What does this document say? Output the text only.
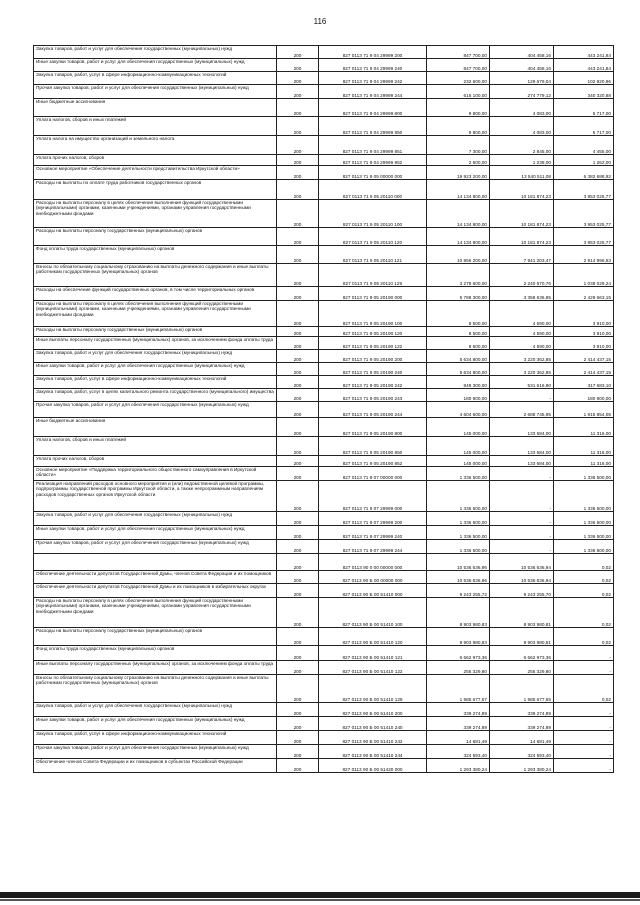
116
Закупка товаров, работ и услуг для обеспечения государственных (муниципальных) нужд	200	827 0113 71 9 04 29999 200	847 700,00	404 458,16	443 241,84
Иные закупки товаров, работ и услуг для обеспечения государственных (муниципальных) нужд	200	827 0113 71 9 04 29999 240	847 700,00	404 458,16	443 241,84
Закупка товаров, работ, услуг в сфере информационно-коммуникационных технологий	200	827 0113 71 9 04 29999 242	232 600,00	129 679,04	102 920,96
Прочая закупка товаров, работ и услуг для обеспечения государственных (муниципальных) нужд	200	827 0113 71 9 04 29999 244	615 100,00	274 779,12	340 320,88
Иные бюджетные ассигнования	200	827 0113 71 9 04 29999 800	9 800,00	4 083,00	5 717,00
Уплата налогов, сборов и иных платежей	200	827 0113 71 9 04 29999 850	9 800,00	4 083,00	5 717,00
Уплата налога на имущество организаций и земельного налога	200	827 0113 71 9 04 29999 851	7 300,00	2 845,00	4 455,00
Уплата прочих налогов, сборов	200	827 0113 71 9 04 29999 852	2 500,00	1 238,00	1 262,00
Основное мероприятие «Обеспечение деятельности представительства Иркутской области»	200	827 0113 71 9 05 00000 000	19 923 200,00	13 540 511,08	6 382 688,92
Расходы на выплаты по оплате труда работников государственных органов	200	827 0113 71 9 05 20110 000	14 134 800,00	10 181 874,23	3 953 025,77
Расходы на выплаты персоналу в целях обеспечения выполнения функций государственными (муниципальными) органами, казенными учреждениями, органами управления государственными внебюджетными фондами	200	827 0113 71 9 05 20110 100	14 134 800,00	10 181 874,23	3 953 025,77
Расходы на выплаты персоналу государственных (муниципальных) органов	200	827 0113 71 9 05 20110 120	14 134 800,00	10 181 874,23	3 953 025,77
Фонд оплаты труда государственных (муниципальных) органов	200	827 0113 71 9 05 20110 121	10 856 200,00	7 941 203,47	2 914 996,53
Взносы по обязательному социальному страхованию на выплаты денежного содержания и иные выплаты работникам государственных (муниципальных) органов	200	827 0113 71 9 05 20110 129	3 278 600,00	2 240 570,76	1 038 029,24
Расходы на обеспечение функций государственных органов, в том числе территориальных органов	200	827 0113 71 9 05 20190 000	5 788 300,00	3 358 636,85	2 429 663,15
Расходы на выплаты персоналу в целях обеспечения выполнения функций государственными (муниципальными) органами, казенными учреждениями, органами управления государственными внебюджетными фондами	200	827 0113 71 9 05 20190 100	8 500,00	4 590,00	3 910,00
Расходы на выплаты персоналу государственных (муниципальных) органов	200	827 0113 71 9 05 20190 120	8 500,00	4 590,00	3 910,00
Иные выплаты персоналу государственных (муниципальных) органов, за исключением фонда оплаты труда	200	827 0113 71 9 05 20190 122	8 500,00	4 590,00	3 910,00
Закупка товаров, работ и услуг для обеспечения государственных (муниципальных) нужд	200	827 0113 71 9 05 20190 200	5 634 800,00	3 220 362,85	2 414 437,15
Иные закупки товаров, работ и услуг для обеспечения государственных (муниципальных) нужд	200	827 0113 71 9 05 20190 240	5 634 800,00	3 220 362,85	2 414 437,15
Закупка товаров, работ, услуг в сфере информационно-коммуникационных технологий	200	827 0113 71 9 05 20190 242	849 300,00	531 616,90	317 683,10
Закупка товаров, работ, услуг в целях капитального ремонта государственного (муниципального) имущества	200	827 0113 71 9 05 20190 243	180 900,00	-	180 900,00
Прочая закупка товаров, работ и услуг для обеспечения государственных (муниципальных) нужд	200	827 0113 71 9 05 20190 244	4 604 600,00	2 688 745,95	1 915 854,05
Иные бюджетные ассигнования	200	827 0113 71 9 05 20190 800	145 000,00	133 684,00	11 316,00
Уплата налогов, сборов и иных платежей	200	827 0113 71 9 05 20190 850	145 000,00	133 684,00	11 316,00
Уплата прочих налогов, сборов	200	827 0113 71 9 05 20190 852	145 000,00	133 684,00	11 316,00
Основное мероприятие «Поддержка территориального общественного самоуправления в Иркутской области»	200	827 0113 71 9 07 00000 000	1 336 500,00	-	1 336 500,00
Реализация направлений расходов основного мероприятия и (или) ведомственной целевой программы, подпрограммы государственной программы Иркутской области, а также непрограммным направлениям расходов государственных органов Иркутской области	200	827 0113 71 9 07 29999 000	1 336 500,00	-	1 336 500,00
Закупка товаров, работ и услуг для обеспечения государственных (муниципальных) нужд	200	827 0113 71 9 07 29999 200	1 336 500,00	-	1 336 500,00
Иные закупки товаров, работ и услуг для обеспечения государственных (муниципальных) нужд	200	827 0113 71 9 07 29999 240	1 336 500,00	-	1 336 500,00
Прочая закупка товаров, работ и услуг для обеспечения государственных (муниципальных) нужд	200	827 0113 71 9 07 29999 244	1 336 500,00	-	1 336 500,00
	200	827 0113 90 0 00 00000 000	10 536 636,96	10 536 636,94	0,02
Обеспечение деятельности депутатов Государственной Думы, членов Совета Федерации и их помощников	200	827 0113 90 Б 00 00000 000	10 536 636,96	10 536 636,94	0,02
Обеспечение деятельности депутатов Государственной Думы и их помощников в избирательных округах	200	827 0113 90 Б 00 51410 000	9 243 255,72	9 243 255,70	0,02
Расходы на выплаты персоналу в целях обеспечения выполнения функций государственными (муниципальными) органами, казенными учреждениями, органами управления государственными внебюджетными фондами	200	827 0113 90 Б 00 51410 100	8 903 980,83	8 903 980,81	0,02
Расходы на выплаты персоналу государственных (муниципальных) органов	200	827 0113 90 Б 00 51410 120	8 903 980,83	8 903 980,81	0,02
Фонд оплаты труда государственных (муниципальных) органов	200	827 0113 90 Б 00 51410 121	6 662 973,36	6 662 973,36	-
Иные выплаты персоналу государственных (муниципальных) органов, за исключением фонда оплаты труда	200	827 0113 90 Б 00 51410 122	255 329,80	255 329,80	-
Взносы по обязательному социальному страхованию на выплаты денежного содержания и иные выплаты работникам государственных (муниципальных) органов	200	827 0113 90 Б 00 51410 129	1 985 677,67	1 985 677,65	0,02
Закупка товаров, работ и услуг для обеспечения государственных (муниципальных) нужд	200	827 0113 90 Б 00 51410 200	339 274,89	339 274,89	-
Иные закупки товаров, работ и услуг для обеспечения государственных (муниципальных) нужд	200	827 0113 90 Б 00 51410 240	339 274,89	339 274,89	-
Закупка товаров, работ, услуг в сфере информационно-коммуникационных технологий	200	827 0113 90 Б 00 51410 242	14 681,49	14 681,49	-
Прочая закупка товаров, работ и услуг для обеспечения государственных (муниципальных) нужд	200	827 0113 90 Б 00 51410 244	324 593,40	324 593,40	-
Обеспечение членов Совета Федерации и их помощников в субъектах Российской Федерации	200	827 0113 90 Б 00 51420 000	1 293 380,24	1 293 380,24	-
